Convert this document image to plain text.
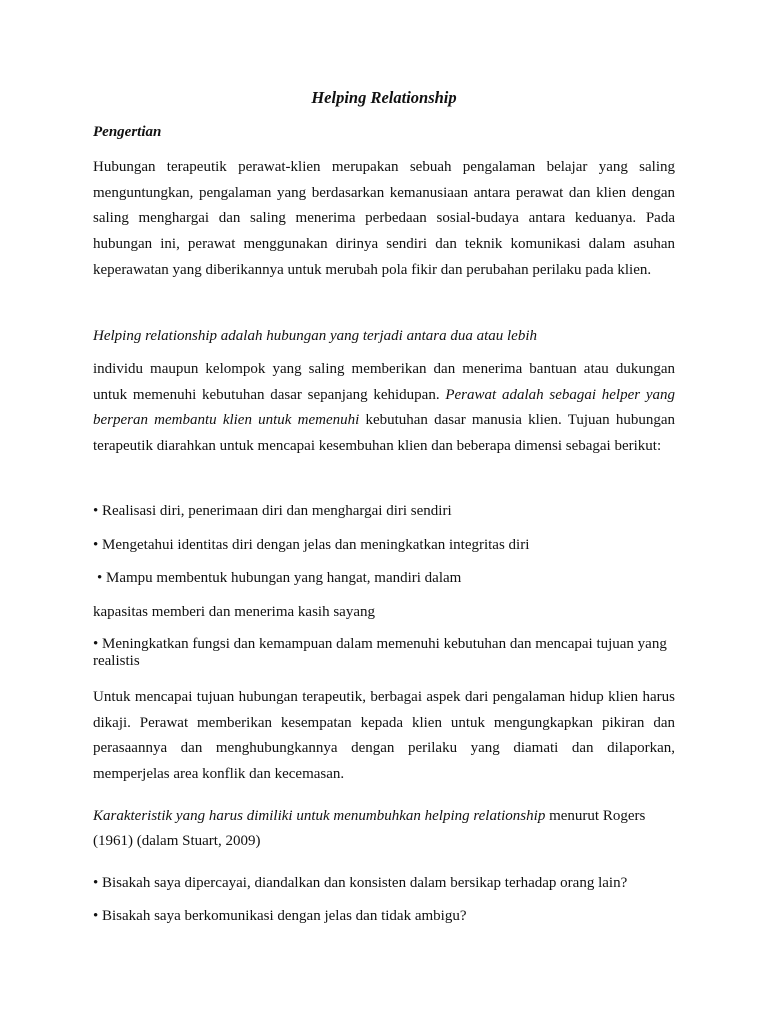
Helping Relationship
Pengertian
Hubungan terapeutik perawat-klien merupakan sebuah pengalaman belajar yang saling menguntungkan, pengalaman yang berdasarkan kemanusiaan antara perawat dan klien dengan saling menghargai dan saling menerima perbedaan sosial-budaya antara keduanya. Pada hubungan ini, perawat menggunakan dirinya sendiri dan teknik komunikasi dalam asuhan keperawatan yang diberikannya untuk merubah pola fikir dan perubahan perilaku pada klien.
Helping relationship adalah hubungan yang terjadi antara dua atau lebih
individu maupun kelompok yang saling memberikan dan menerima bantuan atau dukungan untuk memenuhi kebutuhan dasar sepanjang kehidupan. Perawat adalah sebagai helper yang berperan membantu klien untuk memenuhi kebutuhan dasar manusia klien. Tujuan hubungan terapeutik diarahkan untuk mencapai kesembuhan klien dan beberapa dimensi sebagai berikut:
• Realisasi diri, penerimaan diri dan menghargai diri sendiri
• Mengetahui identitas diri dengan jelas dan meningkatkan integritas diri
• Mampu membentuk hubungan yang hangat, mandiri dalam
kapasitas memberi dan menerima kasih sayang
• Meningkatkan fungsi dan kemampuan dalam memenuhi kebutuhan dan mencapai tujuan yang realistis
Untuk mencapai tujuan hubungan terapeutik, berbagai aspek dari pengalaman hidup klien harus dikaji. Perawat memberikan kesempatan kepada klien untuk mengungkapkan pikiran dan perasaannya dan menghubungkannya dengan perilaku yang diamati dan dilaporkan, memperjelas area konflik dan kecemasan.
Karakteristik yang harus dimiliki untuk menumbuhkan helping relationship menurut Rogers (1961) (dalam Stuart, 2009)
• Bisakah saya dipercayai, diandalkan dan konsisten dalam bersikap terhadap orang lain?
• Bisakah saya berkomunikasi dengan jelas dan tidak ambigu?
